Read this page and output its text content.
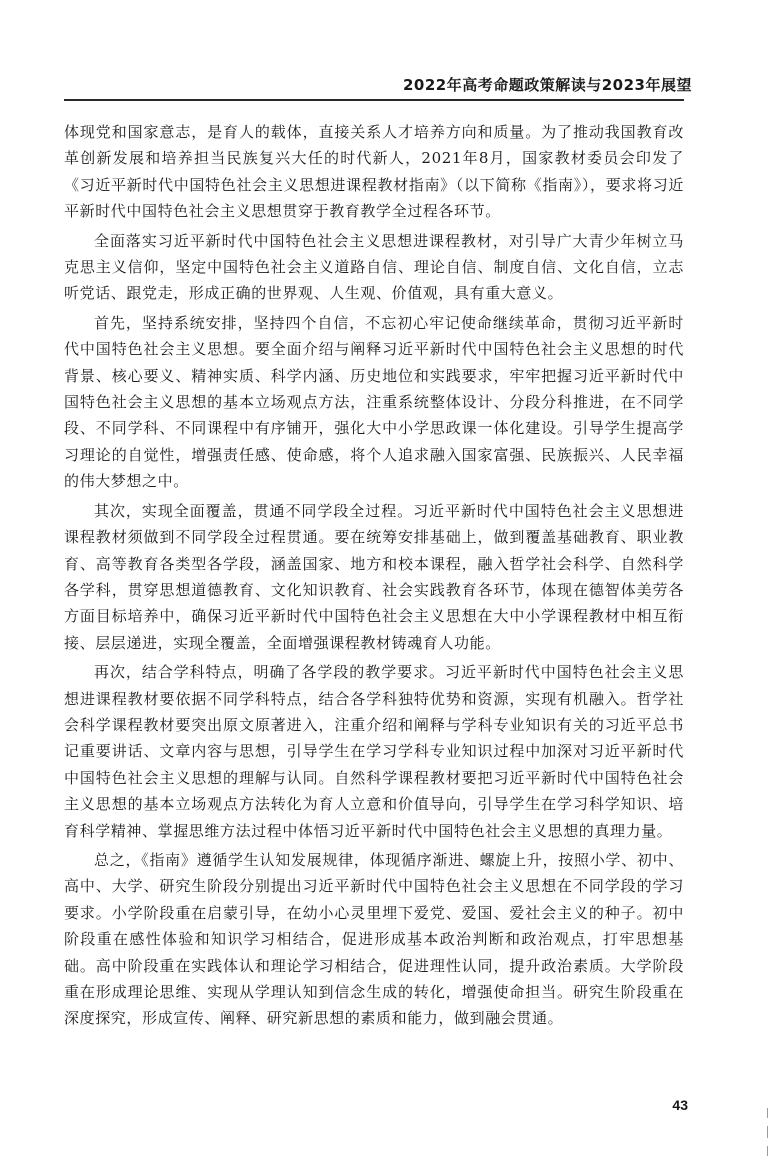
2022年高考命题政策解读与2023年展望

体现党和国家意志，是育人的载体，直接关系人才培养方向和质量。为了推动我国教育改革创新发展和培养担当民族复兴大任的时代新人，2021年8月，国家教材委员会印发了《习近平新时代中国特色社会主义思想进课程教材指南》（以下简称《指南》），要求将习近平新时代中国特色社会主义思想贯穿于教育教学全过程各环节。

全面落实习近平新时代中国特色社会主义思想进课程教材，对引导广大青少年树立马克思主义信仰，坚定中国特色社会主义道路自信、理论自信、制度自信、文化自信，立志听党话、跟党走，形成正确的世界观、人生观、价值观，具有重大意义。

首先，坚持系统安排，坚持四个自信，不忘初心牢记使命继续革命，贯彻习近平新时代中国特色社会主义思想。要全面介绍与阐释习近平新时代中国特色社会主义思想的时代背景、核心要义、精神实质、科学内涵、历史地位和实践要求，牢牢把握习近平新时代中国特色社会主义思想的基本立场观点方法，注重系统整体设计、分段分科推进，在不同学段、不同学科、不同课程中有序铺开，强化大中小学思政课一体化建设。引导学生提高学习理论的自觉性，增强责任感、使命感，将个人追求融入国家富强、民族振兴、人民幸福的伟大梦想之中。

其次，实现全面覆盖，贯通不同学段全过程。习近平新时代中国特色社会主义思想进课程教材须做到不同学段全过程贯通。要在统筹安排基础上，做到覆盖基础教育、职业教育、高等教育各类型各学段，涵盖国家、地方和校本课程，融入哲学社会科学、自然科学各学科，贯穿思想道德教育、文化知识教育、社会实践教育各环节，体现在德智体美劳各方面目标培养中，确保习近平新时代中国特色社会主义思想在大中小学课程教材中相互衔接、层层递进，实现全覆盖，全面增强课程教材铸魂育人功能。

再次，结合学科特点，明确了各学段的教学要求。习近平新时代中国特色社会主义思想进课程教材要依据不同学科特点，结合各学科独特优势和资源，实现有机融入。哲学社会科学课程教材要突出原文原著进入，注重介绍和阐释与学科专业知识有关的习近平总书记重要讲话、文章内容与思想，引导学生在学习学科专业知识过程中加深对习近平新时代中国特色社会主义思想的理解与认同。自然科学课程教材要把习近平新时代中国特色社会主义思想的基本立场观点方法转化为育人立意和价值导向，引导学生在学习科学知识、培育科学精神、掌握思维方法过程中体悟习近平新时代中国特色社会主义思想的真理力量。

总之，《指南》遵循学生认知发展规律，体现循序渐进、螺旋上升，按照小学、初中、高中、大学、研究生阶段分别提出习近平新时代中国特色社会主义思想在不同学段的学习要求。小学阶段重在启蒙引导，在幼小心灵里埋下爱党、爱国、爱社会主义的种子。初中阶段重在感性体验和知识学习相结合，促进形成基本政治判断和政治观点，打牢思想基础。高中阶段重在实践体认和理论学习相结合，促进理性认同，提升政治素质。大学阶段重在形成理论思维、实现从学理认知到信念生成的转化，增强使命担当。研究生阶段重在深度探究，形成宣传、阐释、研究新思想的素质和能力，做到融会贯通。

43
